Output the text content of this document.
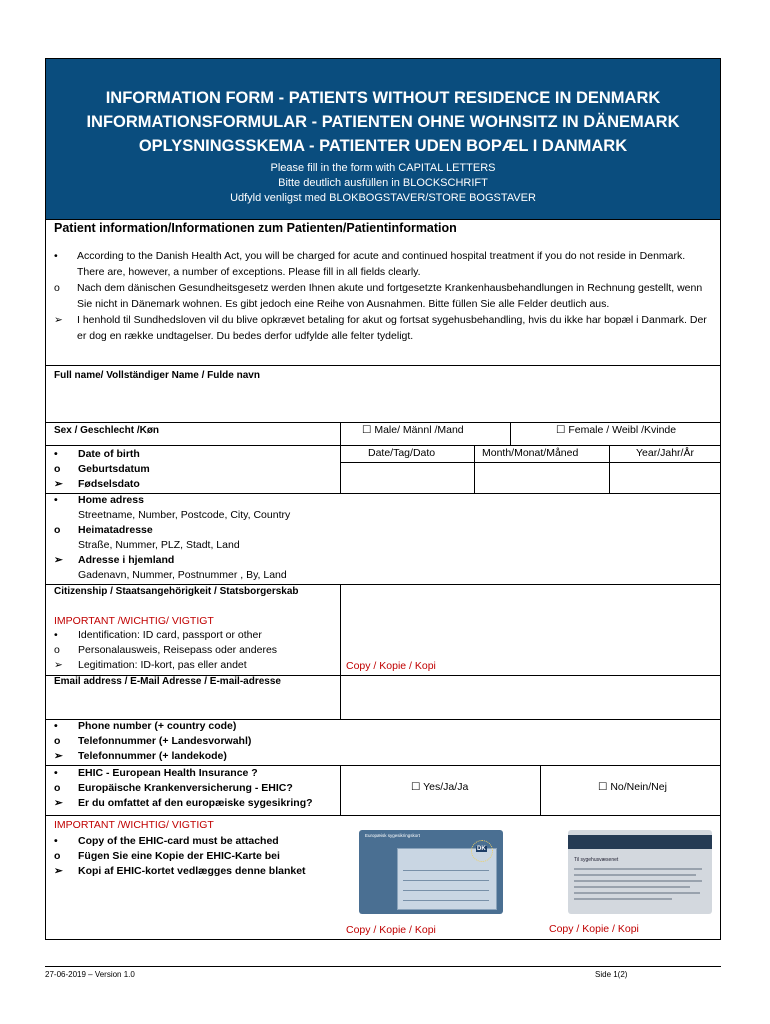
INFORMATION FORM - PATIENTS WITHOUT RESIDENCE IN DENMARK
INFORMATIONSFORMULAR - PATIENTEN OHNE WOHNSITZ IN DÄNEMARK
OPLYSNINGSSKEMA - PATIENTER UDEN BOPÆL I DANMARK
Please fill in the form with CAPITAL LETTERS
Bitte deutlich ausfüllen in BLOCKSCHRIFT
Udfyld venligst med BLOKBOGSTAVER/STORE BOGSTAVER
Patient information/Informationen zum Patienten/Patientinformation
•	According to the Danish Health Act, you will be charged for acute and continued hospital treatment if you do not reside in Denmark. There are, however, a number of exceptions. Please fill in all fields clearly.
o	Nach dem dänischen Gesundheitsgesetz werden Ihnen akute und fortgesetzte Krankenhausbehandlungen in Rechnung gestellt, wenn Sie nicht in Dänemark wohnen. Es gibt jedoch eine Reihe von Ausnahmen. Bitte füllen Sie alle Felder deutlich aus.
➢	I henhold til Sundhedsloven vil du blive opkrævet betaling for akut og fortsat sygehusbehandling, hvis du ikke har bopæl i Danmark. Der er dog en række undtagelser. Du bedes derfor udfylde alle felter tydeligt.
Full name/ Vollständiger Name / Fulde navn
Sex / Geschlecht /Køn	☐ Male/ Männl /Mand	☐ Female / Weibl /Kvinde
•	Date of birth
o	Geburtsdatum
➢	Fødselsdato
Date/Tag/Dato	Month/Monat/Måned	Year/Jahr/År
•	Home adress
Streetname, Number, Postcode, City, Country
o	Heimatadresse
Straße, Nummer, PLZ, Stadt, Land
➢	Adresse i hjemland
Gadenavn, Nummer, Postnummer , By, Land
Citizenship / Staatsangehörigkeit / Statsborgerskab
IMPORTANT /WICHTIG/ VIGTIGT
•	Identification: ID card, passport or other
o	Personalausweis, Reisepass oder anderes
➢	Legitimation: ID-kort, pas eller andet	Copy / Kopie / Kopi
Email address / E-Mail Adresse / E-mail-adresse
•	Phone number (+ country code)
o	Telefonnummer (+ Landesvorwahl)
➢	Telefonnummer (+ landekode)
•	EHIC - European Health Insurance ?
o	Europäische Krankenversicherung - EHIC?
➢	Er du omfattet af den europæiske sygesikring?
☐ Yes/Ja/Ja	☐ No/Nein/Nej
IMPORTANT /WICHTIG/ VIGTIGT
•	Copy of the EHIC-card must be attached
o	Fügen Sie eine Kopie der EHIC-Karte bei
➢	Kopi af EHIC-kortet vedlægges denne blanket
Europæisk sygesikringskort
DK
Til sygehusvæsenet
Copy / Kopie / Kopi	Copy / Kopie / Kopi
27-06-2019 – Version 1.0	Side 1(2)
